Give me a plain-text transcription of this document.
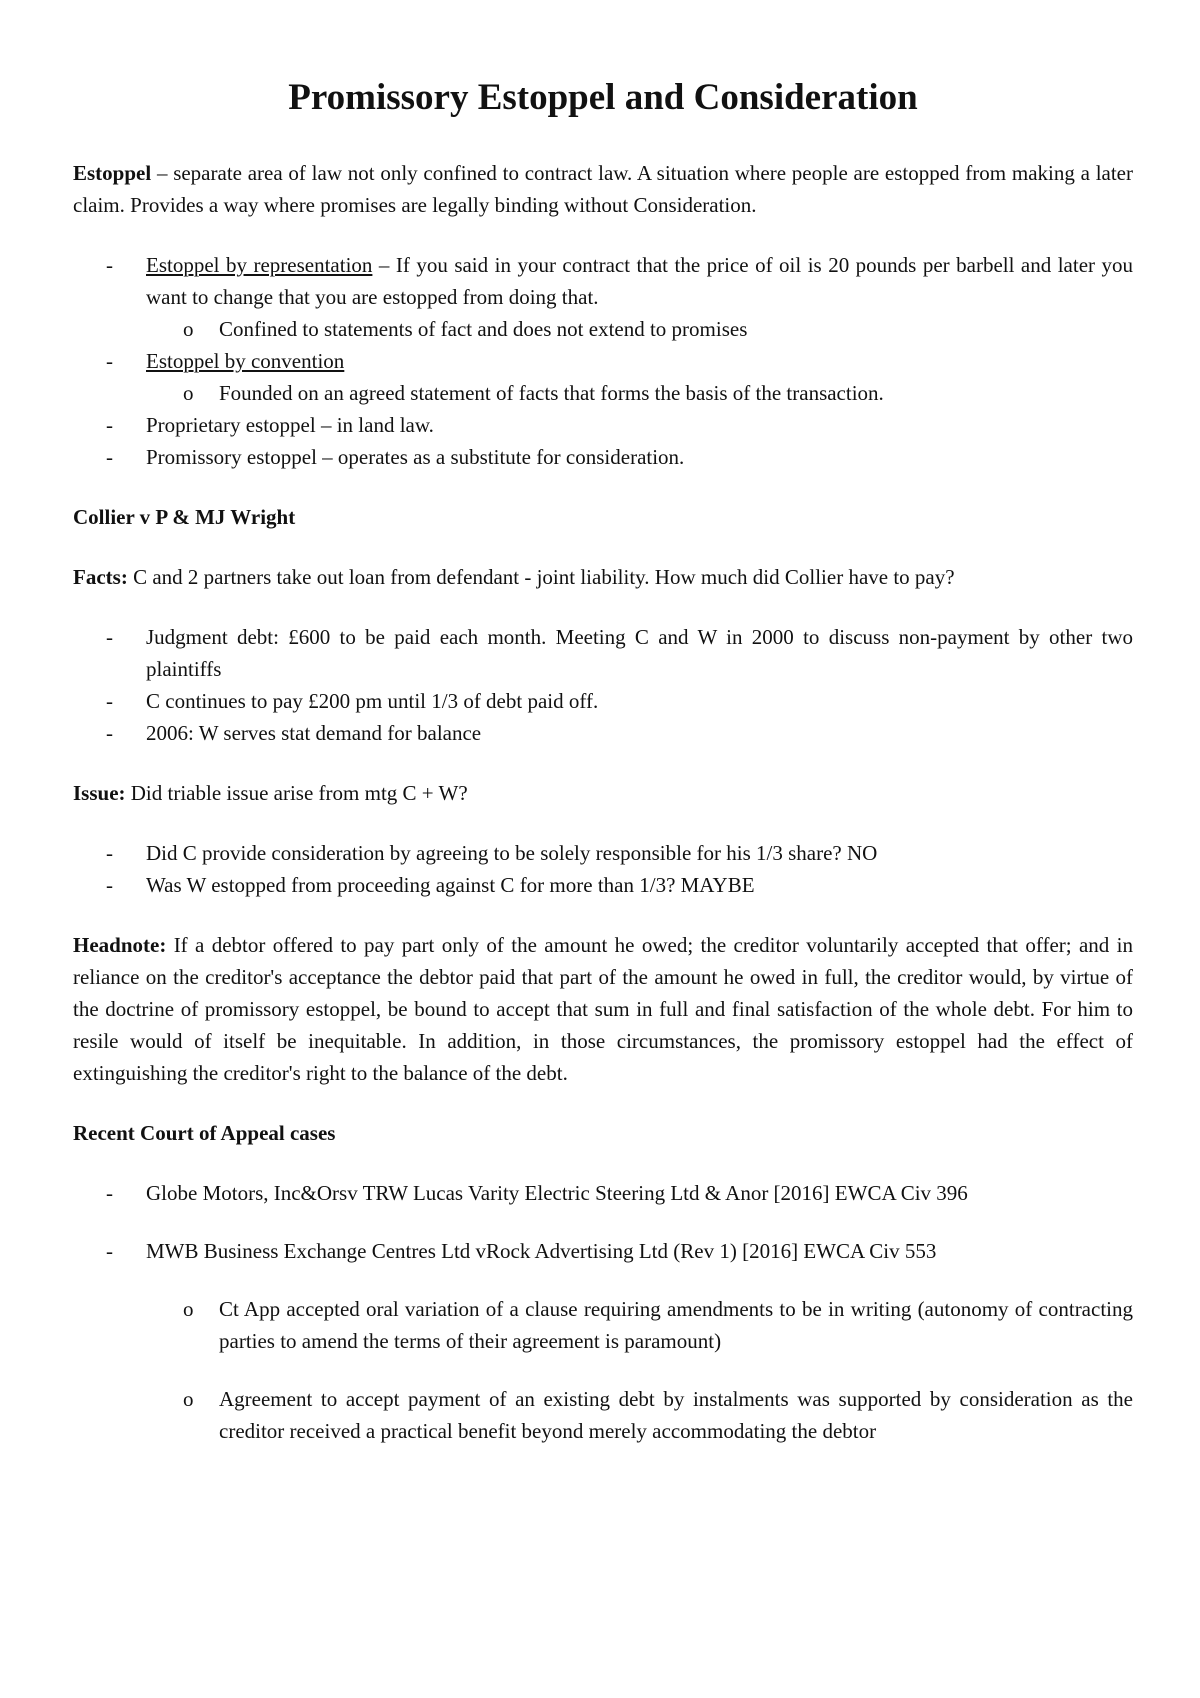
Promissory Estoppel and Consideration

Estoppel – separate area of law not only confined to contract law. A situation where people are estopped from making a later claim. Provides a way where promises are legally binding without Consideration.

- Estoppel by representation – If you said in your contract that the price of oil is 20 pounds per barbell and later you want to change that you are estopped from doing that.
o Confined to statements of fact and does not extend to promises
- Estoppel by convention
o Founded on an agreed statement of facts that forms the basis of the transaction.
- Proprietary estoppel – in land law.
- Promissory estoppel – operates as a substitute for consideration.

Collier v P & MJ Wright

Facts: C and 2 partners take out loan from defendant - joint liability. How much did Collier have to pay?

- Judgment debt: £600 to be paid each month. Meeting C and W in 2000 to discuss non-payment by other two plaintiffs
- C continues to pay £200 pm until 1/3 of debt paid off.
- 2006: W serves stat demand for balance

Issue: Did triable issue arise from mtg C + W?

- Did C provide consideration by agreeing to be solely responsible for his 1/3 share? NO
- Was W estopped from proceeding against C for more than 1/3? MAYBE

Headnote: If a debtor offered to pay part only of the amount he owed; the creditor voluntarily accepted that offer; and in reliance on the creditor's acceptance the debtor paid that part of the amount he owed in full, the creditor would, by virtue of the doctrine of promissory estoppel, be bound to accept that sum in full and final satisfaction of the whole debt. For him to resile would of itself be inequitable. In addition, in those circumstances, the promissory estoppel had the effect of extinguishing the creditor's right to the balance of the debt.

Recent Court of Appeal cases

- Globe Motors, Inc&Orsv TRW Lucas Varity Electric Steering Ltd & Anor [2016] EWCA Civ 396
- MWB Business Exchange Centres Ltd vRock Advertising Ltd (Rev 1) [2016] EWCA Civ 553
o Ct App accepted oral variation of a clause requiring amendments to be in writing (autonomy of contracting parties to amend the terms of their agreement is paramount)
o Agreement to accept payment of an existing debt by instalments was supported by consideration as the creditor received a practical benefit beyond merely accommodating the debtor
